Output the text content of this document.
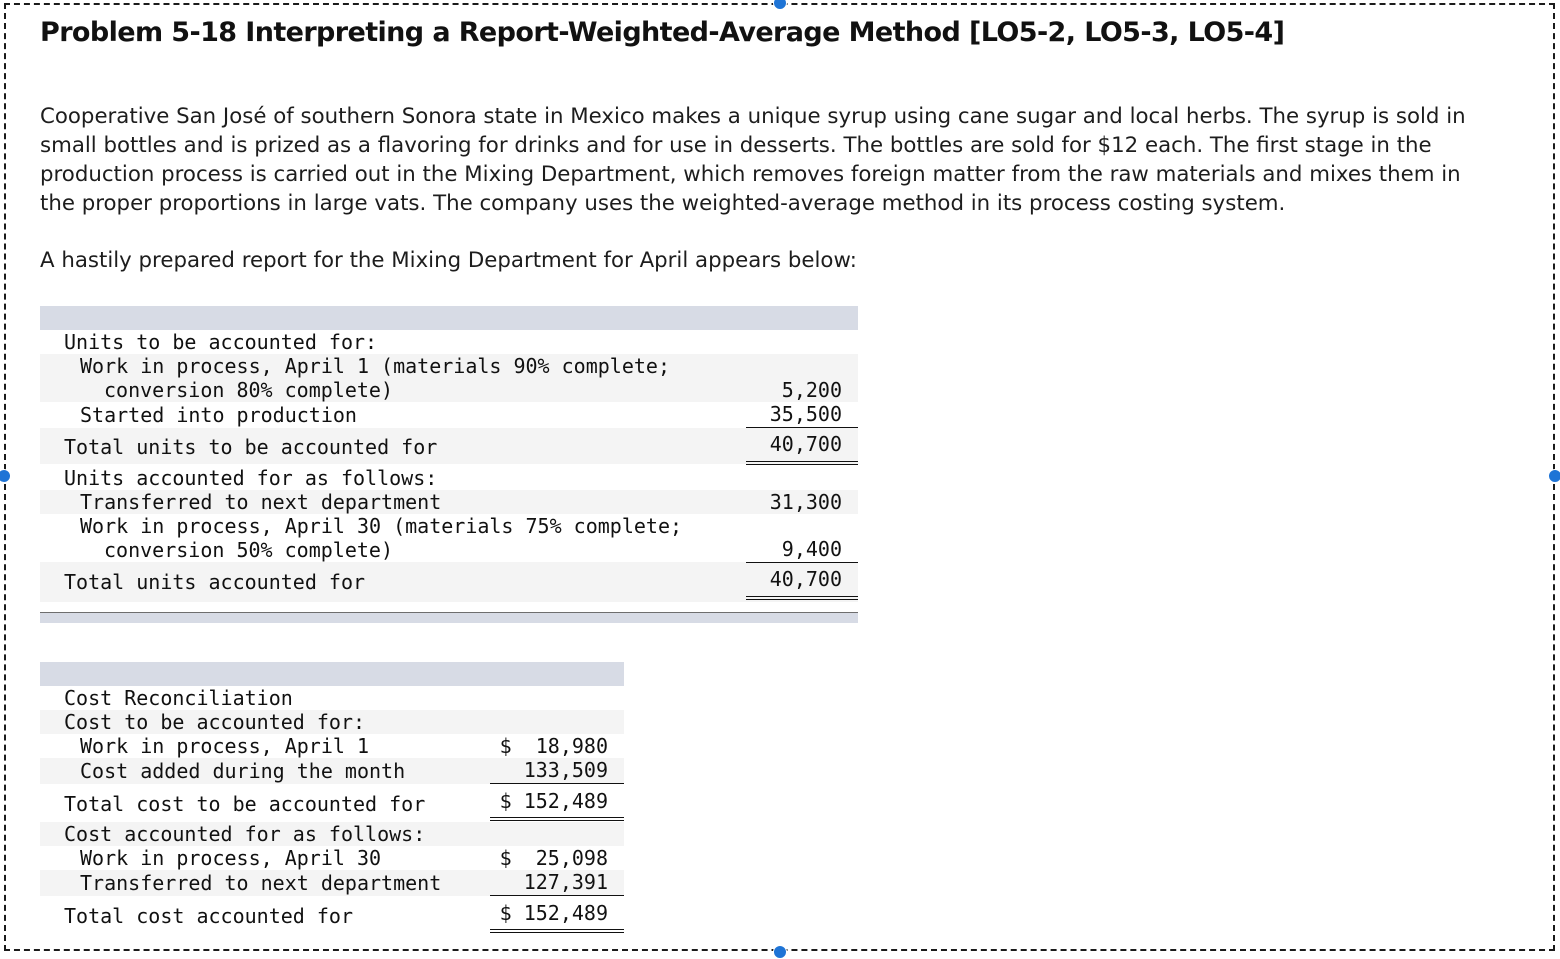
Problem 5-18 Interpreting a Report-Weighted-Average Method [LO5-2, LO5-3, LO5-4]
Cooperative San José of southern Sonora state in Mexico makes a unique syrup using cane sugar and local herbs. The syrup is sold in
small bottles and is prized as a flavoring for drinks and for use in desserts. The bottles are sold for $12 each. The first stage in the
production process is carried out in the Mixing Department, which removes foreign matter from the raw materials and mixes them in
the proper proportions in large vats. The company uses the weighted-average method in its process costing system.

A hastily prepared report for the Mixing Department for April appears below:

Units to be accounted for:
Work in process, April 1 (materials 90% complete;
conversion 80% complete)	5,200
Started into production	35,500
Total units to be accounted for	40,700
Units accounted for as follows:
Transferred to next department	31,300
Work in process, April 30 (materials 75% complete;
conversion 50% complete)	9,400
Total units accounted for	40,700
Cost Reconciliation
Cost to be accounted for:
Work in process, April 1	$  18,980
Cost added during the month	133,509
Total cost to be accounted for	$ 152,489
Cost accounted for as follows:
Work in process, April 30	$  25,098
Transferred to next department	127,391
Total cost accounted for	$ 152,489
